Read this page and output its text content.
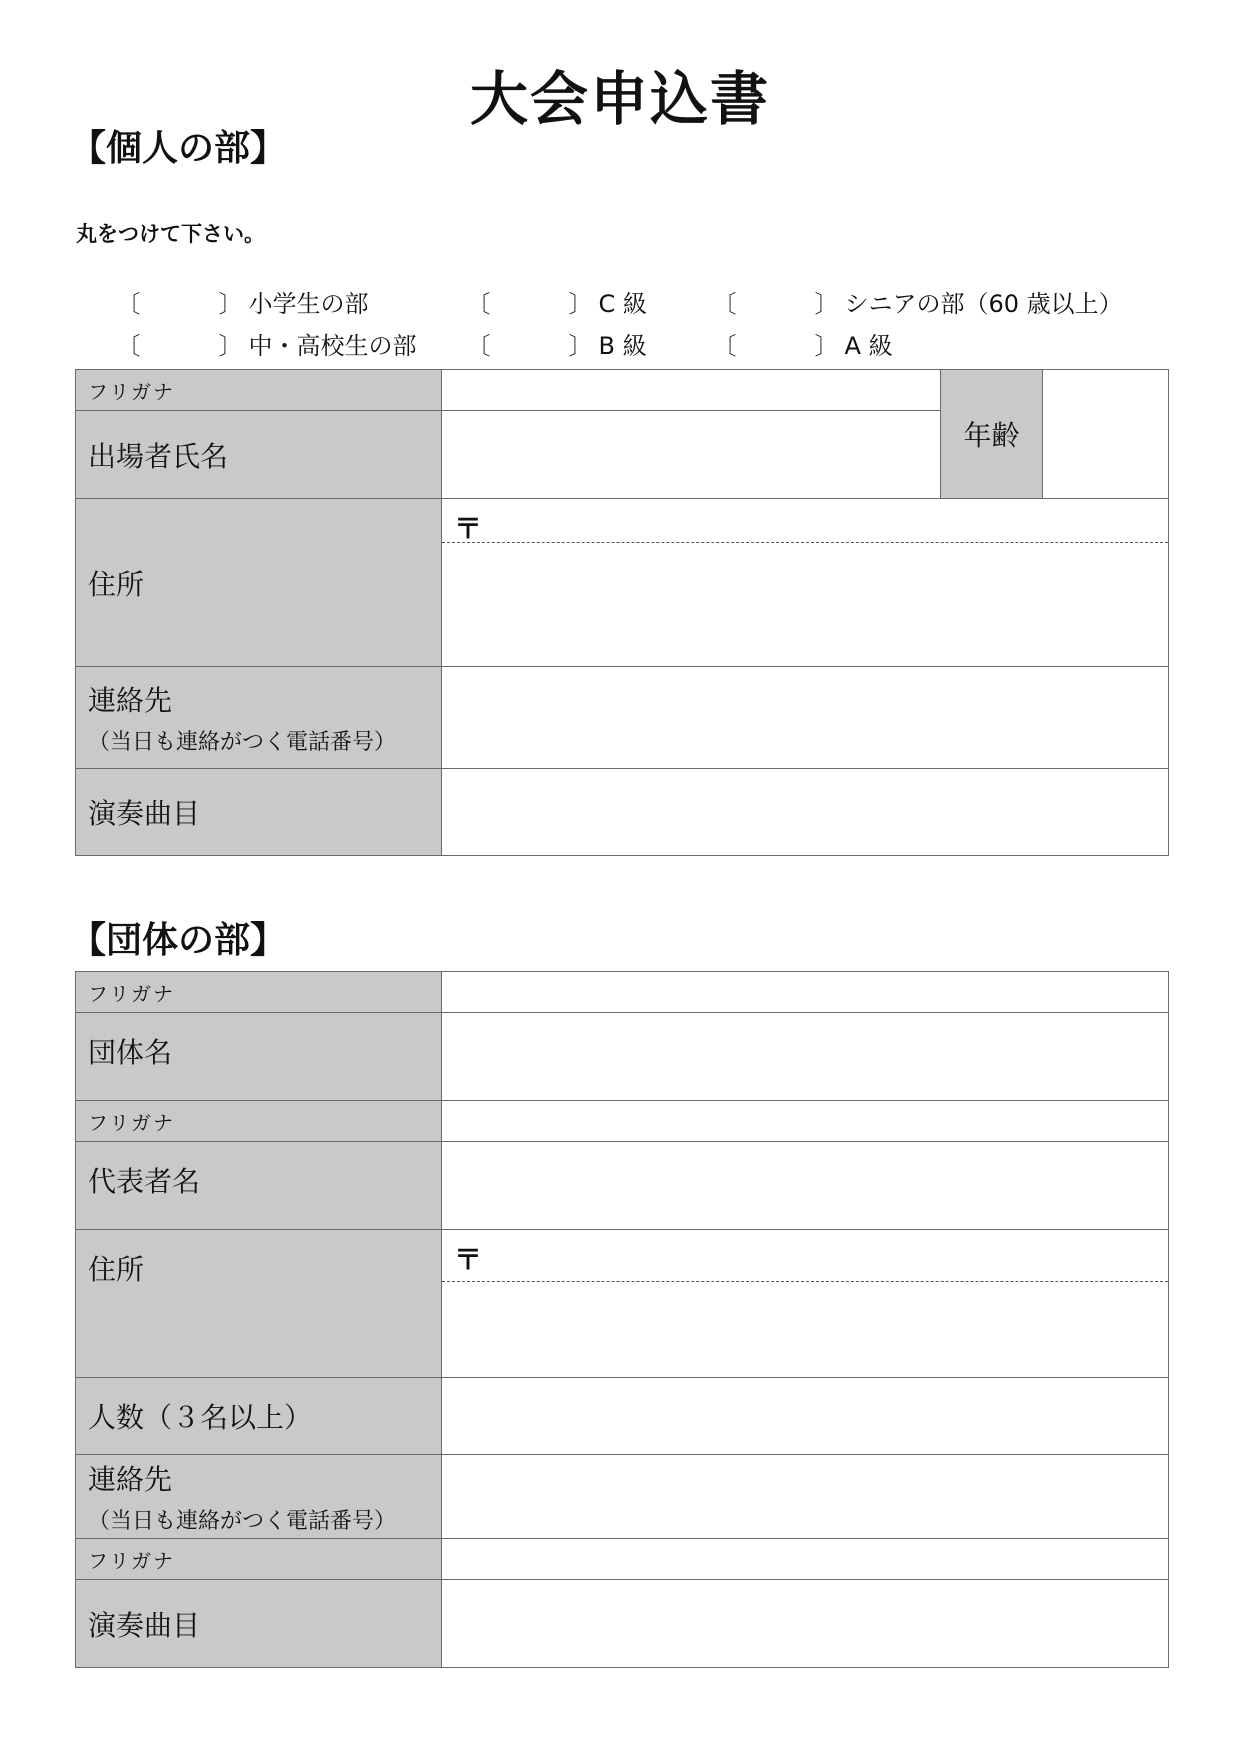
大会申込書
【個人の部】
丸をつけて下さい。

〔	〕 小学生の部
	〔	〕 C 級
	〔	〕 シニアの部（60 歳以上）

〔	〕 中・高校生の部
	〔	〕 B 級
	〔	〕 A 級

フリガナ		年齢	
出場者氏名			
住所	〒		

連絡先
（当日も連絡がつく電話番号）			

演奏曲目			
【団体の部】
フリガナ	
団体名	
フリガナ	
代表者名	
住所	〒

人数（３名以上）	
連絡先
（当日も連絡がつく電話番号）	

フリガナ	
演奏曲目	
